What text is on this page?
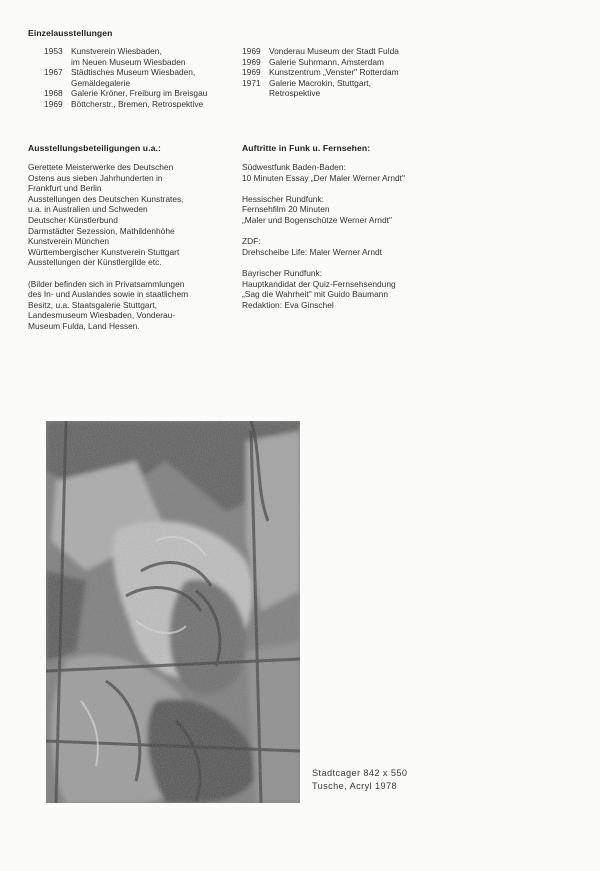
Einzelausstellungen
1953 Kunstverein Wiesbaden,
im Neuen Museum Wiesbaden
1967 Städtisches Museum Wiesbaden,
Gemäldegalerie
1968 Galerie Kröner, Freiburg im Breisgau
1969 Böttcherstr., Bremen, Retrospektive
1969 Vonderau Museum der Stadt Fulda
1969 Galerie Suhrmann, Amsterdam
1969 Kunstzentrum „Venster" Rotterdam
1971 Galerie Macrokin, Stuttgart,
Retrospektive
Ausstellungsbeteiligungen u.a.:
Gerettete Meisterwerke des Deutschen
Ostens aus sieben Jahrhunderten in
Frankfurt und Berlin
Ausstellungen des Deutschen Kunstrates,
u.a. in Australien und Schweden
Deutscher Künstlerbund
Darmstädter Sezession, Mathildenhöhe
Kunstverein München
Württembergischer Kunstverein Stuttgart
Ausstellungen der Künstlergilde etc.
(Bilder befinden sich in Privatsammlungen
des In- und Auslandes sowie in staatlichem
Besitz, u.a. Staatsgalerie Stuttgart,
Landesmuseum Wiesbaden, Vonderau-
Museum Fulda, Land Hessen.
Auftritte in Funk u. Fernsehen:
Südwestfunk Baden-Baden:
10 Minuten Essay „Der Maler Werner Arndt"
Hessischer Rundfunk:
Fernsehfilm 20 Minuten
„Maler und Bogenschütze Werner Arndt"
ZDF:
Drehscheibe Life: Maler Werner Arndt
Bayrischer Rundfunk:
Hauptkandidat der Quiz-Fernsehsendung
„Sag die Wahrheit" mit Guido Baumann
Redaktion: Eva Ginschel
Stadtcager 842 x 550
Tusche, Acryl 1978
